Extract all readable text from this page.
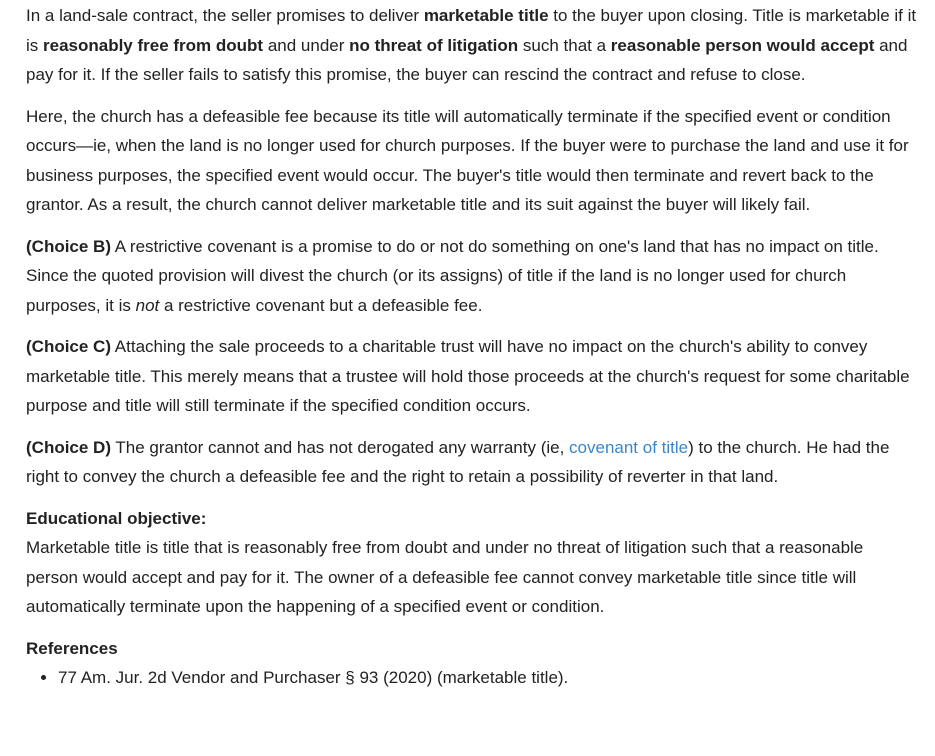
In a land-sale contract, the seller promises to deliver marketable title to the buyer upon closing. Title is marketable if it is reasonably free from doubt and under no threat of litigation such that a reasonable person would accept and pay for it. If the seller fails to satisfy this promise, the buyer can rescind the contract and refuse to close.

Here, the church has a defeasible fee because its title will automatically terminate if the specified event or condition occurs—ie, when the land is no longer used for church purposes. If the buyer were to purchase the land and use it for business purposes, the specified event would occur. The buyer's title would then terminate and revert back to the grantor. As a result, the church cannot deliver marketable title and its suit against the buyer will likely fail.

(Choice B) A restrictive covenant is a promise to do or not do something on one's land that has no impact on title. Since the quoted provision will divest the church (or its assigns) of title if the land is no longer used for church purposes, it is not a restrictive covenant but a defeasible fee.

(Choice C) Attaching the sale proceeds to a charitable trust will have no impact on the church's ability to convey marketable title. This merely means that a trustee will hold those proceeds at the church's request for some charitable purpose and title will still terminate if the specified condition occurs.

(Choice D) The grantor cannot and has not derogated any warranty (ie, covenant of title) to the church. He had the right to convey the church a defeasible fee and the right to retain a possibility of reverter in that land.

Educational objective:
Marketable title is title that is reasonably free from doubt and under no threat of litigation such that a reasonable person would accept and pay for it. The owner of a defeasible fee cannot convey marketable title since title will automatically terminate upon the happening of a specified event or condition.
References
• 77 Am. Jur. 2d Vendor and Purchaser § 93 (2020) (marketable title).
